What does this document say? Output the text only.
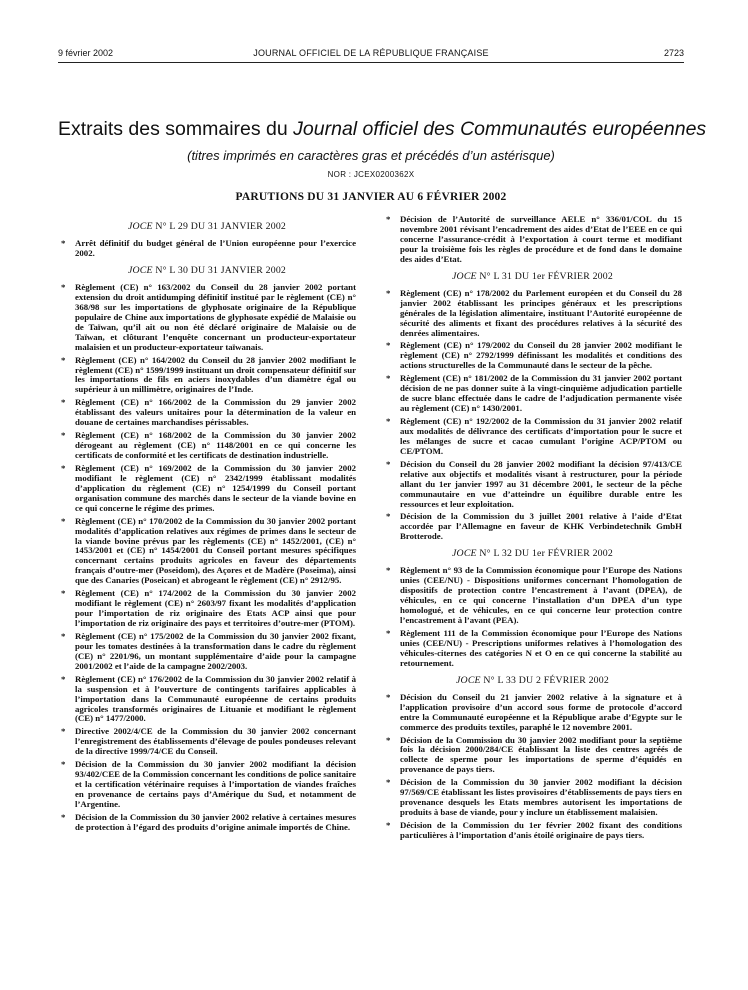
9 février 2002	JOURNAL OFFICIEL DE LA RÉPUBLIQUE FRANÇAISE	2723
Extraits des sommaires du Journal officiel des Communautés européennes
(titres imprimés en caractères gras et précédés d’un astérisque)
NOR : JCEX0200362X
PARUTIONS DU 31 JANVIER AU 6 FÉVRIER 2002
JOCE N° L 29 DU 31 JANVIER 2002
* Arrêt définitif du budget général de l’Union européenne pour l’exercice 2002.
JOCE N° L 30 DU 31 JANVIER 2002
* Règlement (CE) n° 163/2002 du Conseil du 28 janvier 2002 portant extension du droit antidumping définitif institué par le règlement (CE) n° 368/98 sur les importations de glyphosate originaire de la République populaire de Chine aux importations de glyphosate expédié de Malaisie ou de Taïwan, qu’il ait ou non été déclaré originaire de Malaisie ou de Taïwan, et clôturant l’enquête concernant un producteur-exportateur malaisien et un producteur-exportateur taïwanais.
* Règlement (CE) n° 164/2002 du Conseil du 28 janvier 2002 modifiant le règlement (CE) n° 1599/1999 instituant un droit compensateur définitif sur les importations de fils en aciers inoxydables d’un diamètre égal ou supérieur à un millimètre, originaires de l’Inde.
* Règlement (CE) n° 166/2002 de la Commission du 29 janvier 2002 établissant des valeurs unitaires pour la détermination de la valeur en douane de certaines marchandises périssables.
* Règlement (CE) n° 168/2002 de la Commission du 30 janvier 2002 dérogeant au règlement (CE) n° 1148/2001 en ce qui concerne les certificats de conformité et les certificats de destination industrielle.
* Règlement (CE) n° 169/2002 de la Commission du 30 janvier 2002 modifiant le règlement (CE) n° 2342/1999 établissant modalités d’application du règlement (CE) n° 1254/1999 du Conseil portant organisation commune des marchés dans le secteur de la viande bovine en ce qui concerne le régime des primes.
* Règlement (CE) n° 170/2002 de la Commission du 30 janvier 2002 portant modalités d’application relatives aux régimes de primes dans le secteur de la viande bovine prévus par les règlements (CE) n° 1452/2001, (CE) n° 1453/2001 et (CE) n° 1454/2001 du Conseil portant mesures spécifiques concernant certains produits agricoles en faveur des départements français d’outre-mer (Poseidom), des Açores et de Madère (Poseima), ainsi que des Canaries (Poseican) et abrogeant le règlement (CE) n° 2912/95.
* Règlement (CE) n° 174/2002 de la Commission du 30 janvier 2002 modifiant le règlement (CE) n° 2603/97 fixant les modalités d’application pour l’importation de riz originaire des Etats ACP ainsi que pour l’importation de riz originaire des pays et territoires d’outre-mer (PTOM).
* Règlement (CE) n° 175/2002 de la Commission du 30 janvier 2002 fixant, pour les tomates destinées à la transformation dans le cadre du règlement (CE) n° 2201/96, un montant supplémentaire d’aide pour la campagne 2001/2002 et l’aide de la campagne 2002/2003.
* Règlement (CE) n° 176/2002 de la Commission du 30 janvier 2002 relatif à la suspension et à l’ouverture de contingents tarifaires applicables à l’importation dans la Communauté européenne de certains produits agricoles transformés originaires de Lituanie et modifiant le règlement (CE) n° 1477/2000.
* Directive 2002/4/CE de la Commission du 30 janvier 2002 concernant l’enregistrement des établissements d’élevage de poules pondeuses relevant de la directive 1999/74/CE du Conseil.
* Décision de la Commission du 30 janvier 2002 modifiant la décision 93/402/CEE de la Commission concernant les conditions de police sanitaire et la certification vétérinaire requises à l’importation de viandes fraîches en provenance de certains pays d’Amérique du Sud, et notamment de l’Argentine.
* Décision de la Commission du 30 janvier 2002 relative à certaines mesures de protection à l’égard des produits d’origine animale importés de Chine.
* Décision de l’Autorité de surveillance AELE n° 336/01/COL du 15 novembre 2001 révisant l’encadrement des aides d’Etat de l’EEE en ce qui concerne l’assurance-crédit à l’exportation à court terme et modifiant pour la troisième fois les règles de procédure et de fond dans le domaine des aides d’Etat.
JOCE N° L 31 DU 1er FÉVRIER 2002
* Règlement (CE) n° 178/2002 du Parlement européen et du Conseil du 28 janvier 2002 établissant les principes généraux et les prescriptions générales de la législation alimentaire, instituant l’Autorité européenne de sécurité des aliments et fixant des procédures relatives à la sécurité des denrées alimentaires.
* Règlement (CE) n° 179/2002 du Conseil du 28 janvier 2002 modifiant le règlement (CE) n° 2792/1999 définissant les modalités et conditions des actions structurelles de la Communauté dans le secteur de la pêche.
* Règlement (CE) n° 181/2002 de la Commission du 31 janvier 2002 portant décision de ne pas donner suite à la vingt-cinquième adjudication partielle de sucre blanc effectuée dans le cadre de l’adjudication permanente visée au règlement (CE) n° 1430/2001.
* Règlement (CE) n° 192/2002 de la Commission du 31 janvier 2002 relatif aux modalités de délivrance des certificats d’importation pour le sucre et les mélanges de sucre et cacao cumulant l’origine ACP/PTOM ou CE/PTOM.
* Décision du Conseil du 28 janvier 2002 modifiant la décision 97/413/CE relative aux objectifs et modalités visant à restructurer, pour la période allant du 1er janvier 1997 au 31 décembre 2001, le secteur de la pêche communautaire en vue d’atteindre un équilibre durable entre les ressources et leur exploitation.
* Décision de la Commission du 3 juillet 2001 relative à l’aide d’Etat accordée par l’Allemagne en faveur de KHK Verbindetechnik GmbH Brotterode.
JOCE N° L 32 DU 1er FÉVRIER 2002
* Règlement n° 93 de la Commission économique pour l’Europe des Nations unies (CEE/NU) - Dispositions uniformes concernant l’homologation de dispositifs de protection contre l’encastrement à l’avant (DPEA), de véhicules, en ce qui concerne l’installation d’un DPEA d’un type homologué, et de véhicules, en ce qui concerne leur protection contre l’encastrement à l’avant (PEA).
* Règlement 111 de la Commission économique pour l’Europe des Nations unies (CEE/NU) - Prescriptions uniformes relatives à l’homologation des véhicules-citernes des catégories N et O en ce qui concerne la stabilité au retournement.
JOCE N° L 33 DU 2 FÉVRIER 2002
* Décision du Conseil du 21 janvier 2002 relative à la signature et à l’application provisoire d’un accord sous forme de protocole d’accord entre la Communauté européenne et la République arabe d’Egypte sur le commerce des produits textiles, paraphé le 12 novembre 2001.
* Décision de la Commission du 30 janvier 2002 modifiant pour la septième fois la décision 2000/284/CE établissant la liste des centres agréés de collecte de sperme pour les importations de sperme d’équidés en provenance de pays tiers.
* Décision de la Commission du 30 janvier 2002 modifiant la décision 97/569/CE établissant les listes provisoires d’établissements de pays tiers en provenance desquels les Etats membres autorisent les importations de produits à base de viande, pour y inclure un établissement malaisien.
* Décision de la Commission du 1er février 2002 fixant des conditions particulières à l’importation d’anis étoilé originaire de pays tiers.
